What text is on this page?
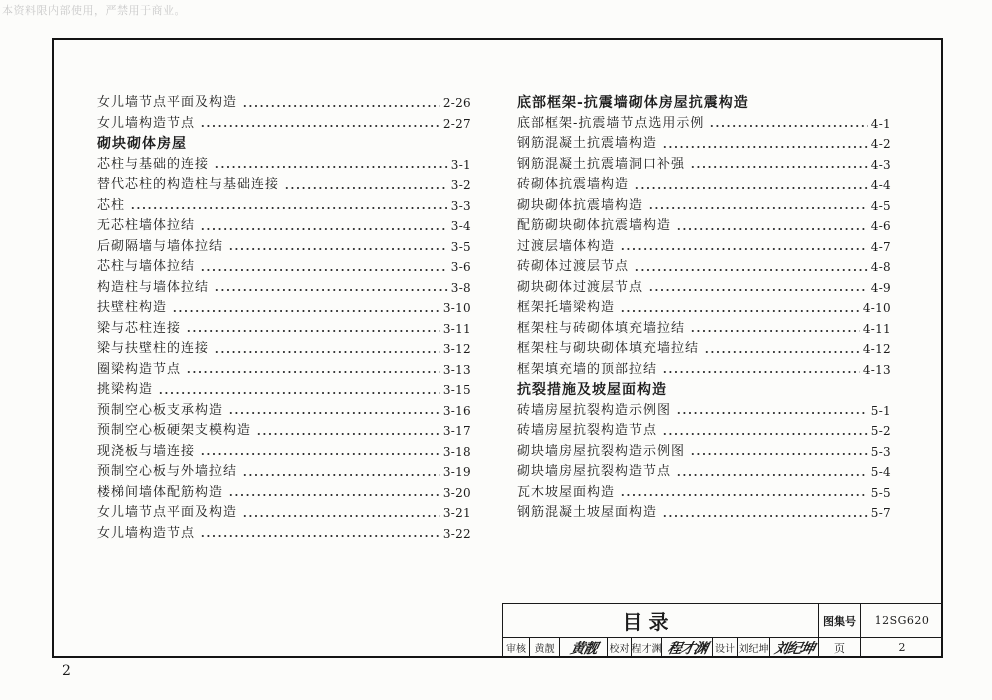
本资料限内部使用，严禁用于商业。
女儿墙节点平面及构造	2-26
女儿墙构造节点	2-27
砌块砌体房屋
芯柱与基础的连接	3-1
替代芯柱的构造柱与基础连接	3-2
芯柱	3-3
无芯柱墙体拉结	3-4
后砌隔墙与墙体拉结	3-5
芯柱与墙体拉结	3-6
构造柱与墙体拉结	3-8
扶壁柱构造	3-10
梁与芯柱连接	3-11
梁与扶壁柱的连接	3-12
圈梁构造节点	3-13
挑梁构造	3-15
预制空心板支承构造	3-16
预制空心板硬架支模构造	3-17
现浇板与墙连接	3-18
预制空心板与外墙拉结	3-19
楼梯间墙体配筋构造	3-20
女儿墙节点平面及构造	3-21
女儿墙构造节点	3-22
底部框架-抗震墙砌体房屋抗震构造
底部框架-抗震墙节点选用示例	4-1
钢筋混凝土抗震墙构造	4-2
钢筋混凝土抗震墙洞口补强	4-3
砖砌体抗震墙构造	4-4
砌块砌体抗震墙构造	4-5
配筋砌块砌体抗震墙构造	4-6
过渡层墙体构造	4-7
砖砌体过渡层节点	4-8
砌块砌体过渡层节点	4-9
框架托墙梁构造	4-10
框架柱与砖砌体填充墙拉结	4-11
框架柱与砌块砌体填充墙拉结	4-12
框架填充墙的顶部拉结	4-13
抗裂措施及坡屋面构造
砖墙房屋抗裂构造示例图	5-1
砖墙房屋抗裂构造节点	5-2
砌块墙房屋抗裂构造示例图	5-3
砌块墙房屋抗裂构造节点	5-4
瓦木坡屋面构造	5-5
钢筋混凝土坡屋面构造	5-7
目录	图集号	12SG620
审核 黄靓	黄靓 校对 程才渊 程才渊 设计 刘纪坤 刘纪坤	页	2
2
